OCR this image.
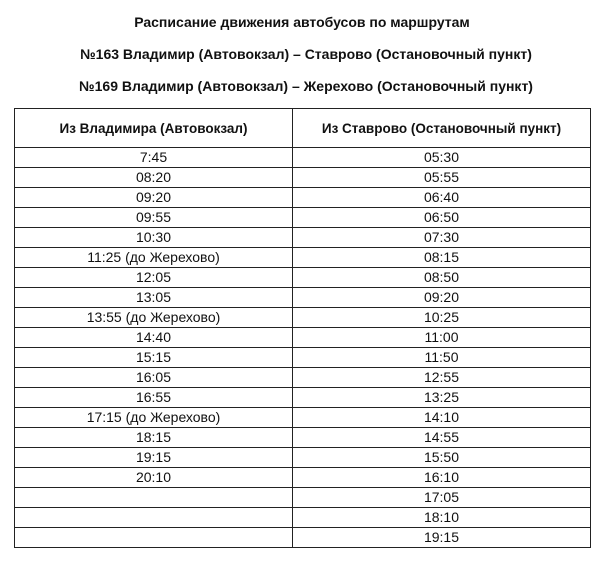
Расписание движения автобусов по маршрутам
№163 Владимир (Автовокзал) – Ставрово (Остановочный пункт)
№169 Владимир (Автовокзал) – Жерехово (Остановочный пункт)
Из Владимира (Автовокзал)	Из Ставрово (Остановочный пункт)
7:45	05:30
08:20	05:55
09:20	06:40
09:55	06:50
10:30	07:30
11:25 (до Жерехово)	08:15
12:05	08:50
13:05	09:20
13:55 (до Жерехово)	10:25
14:40	11:00
15:15	11:50
16:05	12:55
16:55	13:25
17:15 (до Жерехово)	14:10
18:15	14:55
19:15	15:50
20:10	16:10
	17:05
	18:10
	19:15
